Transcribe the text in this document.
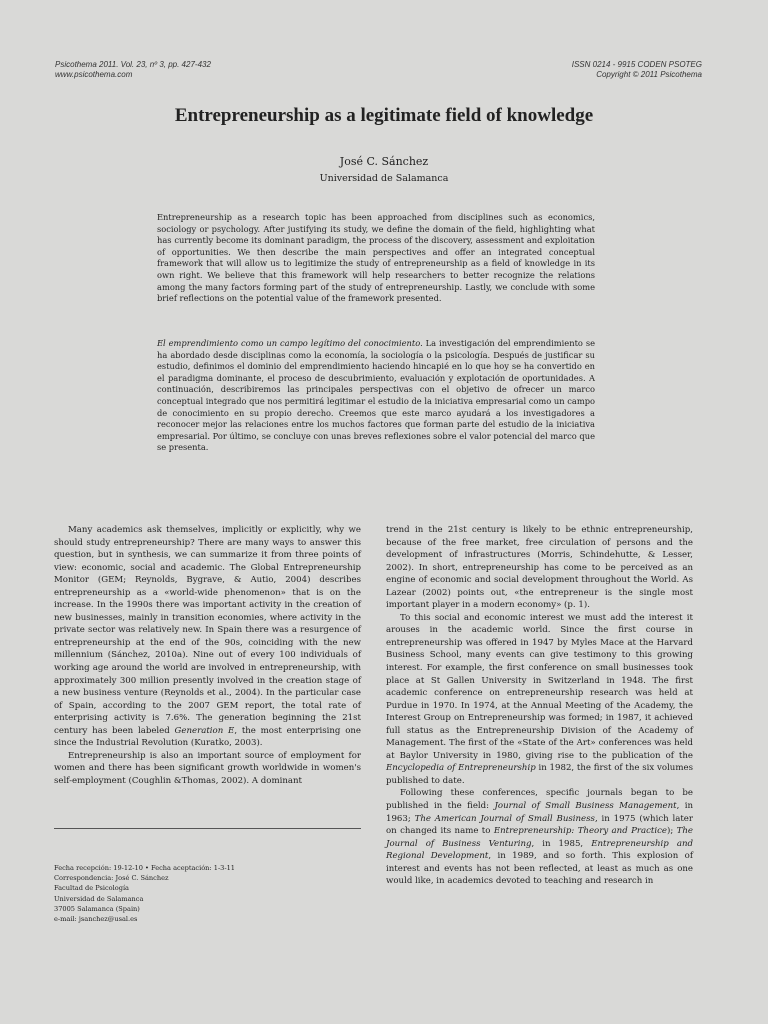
Psicothema 2011. Vol. 23, nº 3, pp. 427-432
www.psicothema.com
ISSN 0214 - 9915 CODEN PSOTEG
Copyright © 2011 Psicothema
Entrepreneurship as a legitimate field of knowledge
José C. Sánchez
Universidad de Salamanca

Entrepreneurship as a research topic has been approached from disciplines such as economics, sociology or psychology. After justifying its study, we define the domain of the field, highlighting what has currently become its dominant paradigm, the process of the discovery, assessment and exploitation of opportunities. We then describe the main perspectives and offer an integrated conceptual framework that will allow us to legitimize the study of entrepreneurship as a field of knowledge in its own right. We believe that this framework will help researchers to better recognize the relations among the many factors forming part of the study of entrepreneurship. Lastly, we conclude with some brief reflections on the potential value of the framework presented.

El emprendimiento como un campo legítimo del conocimiento. La investigación del emprendimiento se ha abordado desde disciplinas como la economía, la sociología o la psicología. Después de justificar su estudio, definimos el dominio del emprendimiento haciendo hincapié en lo que hoy se ha convertido en el paradigma dominante, el proceso de descubrimiento, evaluación y explotación de oportunidades. A continuación, describiremos las principales perspectivas con el objetivo de ofrecer un marco conceptual integrado que nos permitirá legitimar el estudio de la iniciativa empresarial como un campo de conocimiento en su propio derecho. Creemos que este marco ayudará a los investigadores a reconocer mejor las relaciones entre los muchos factores que forman parte del estudio de la iniciativa empresarial. Por último, se concluye con unas breves reflexiones sobre el valor potencial del marco que se presenta.

Many academics ask themselves, implicitly or explicitly, why we should study entrepreneurship? There are many ways to answer this question, but in synthesis, we can summarize it from three points of view: economic, social and academic. The Global Entrepreneurship Monitor (GEM; Reynolds, Bygrave, & Autio, 2004) describes entrepreneurship as a «world-wide phenomenon» that is on the increase. In the 1990s there was important activity in the creation of new businesses, mainly in transition economies, where activity in the private sector was relatively new. In Spain there was a resurgence of entrepreneurship at the end of the 90s, coinciding with the new millennium (Sánchez, 2010a). Nine out of every 100 individuals of working age around the world are involved in entrepreneurship, with approximately 300 million presently involved in the creation stage of a new business venture (Reynolds et al., 2004). In the particular case of Spain, according to the 2007 GEM report, the total rate of enterprising activity is 7.6%. The generation beginning the 21st century has been labeled Generation E, the most enterprising one since the Industrial Revolution (Kuratko, 2003).

Entrepreneurship is also an important source of employment for women and there has been significant growth worldwide in women's self-employment (Coughlin &Thomas, 2002). A dominant

Fecha recepción: 19-12-10 • Fecha aceptación: 1-3-11
Correspondencia: José C. Sánchez
Facultad de Psicología
Universidad de Salamanca
37005 Salamanca (Spain)
e-mail: jsanchez@usal.es

trend in the 21st century is likely to be ethnic entrepreneurship, because of the free market, free circulation of persons and the development of infrastructures (Morris, Schindehutte, & Lesser, 2002). In short, entrepreneurship has come to be perceived as an engine of economic and social development throughout the World. As Lazear (2002) points out, «the entrepreneur is the single most important player in a modern economy» (p. 1).

To this social and economic interest we must add the interest it arouses in the academic world. Since the first course in entrepreneurship was offered in 1947 by Myles Mace at the Harvard Business School, many events can give testimony to this growing interest. For example, the first conference on small businesses took place at St Gallen University in Switzerland in 1948. The first academic conference on entrepreneurship research was held at Purdue in 1970. In 1974, at the Annual Meeting of the Academy, the Interest Group on Entrepreneurship was formed; in 1987, it achieved full status as the Entrepreneurship Division of the Academy of Management. The first of the «State of the Art» conferences was held at Baylor University in 1980, giving rise to the publication of the Encyclopedia of Entrepreneurship in 1982, the first of the six volumes published to date.

Following these conferences, specific journals began to be published in the field: Journal of Small Business Management, in 1963; The American Journal of Small Business, in 1975 (which later on changed its name to Entrepreneurship: Theory and Practice); The Journal of Business Venturing, in 1985, Entrepreneurship and Regional Development, in 1989, and so forth. This explosion of interest and events has not been reflected, at least as much as one would like, in academics devoted to teaching and research in
